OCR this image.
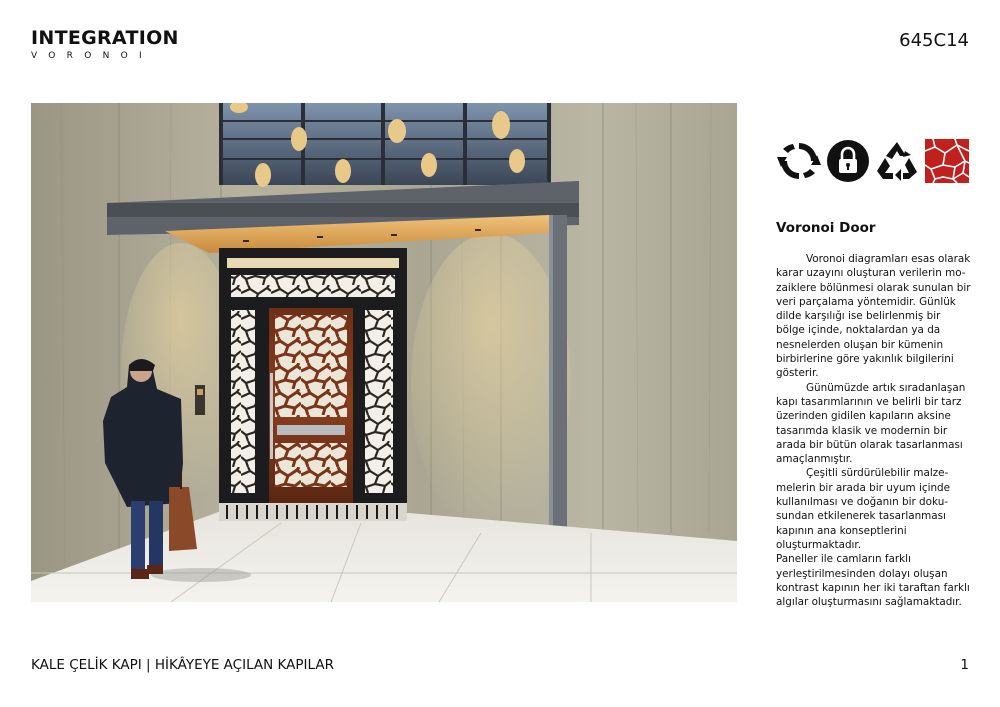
INTEGRATION
VORONOI
645C14
Voronoi Door

Voronoi diagramları esas olarak karar uzayını oluşturan verilerin mo-zaiklere bölünmesi olarak sunulan bir veri parçalama yöntemidir. Günlük dilde karşılığı ise belirlenmiş bir bölge içinde, noktalardan ya da nesnelerden oluşan bir kümenin birbirlerine göre yakınlık bilgilerini gösterir.

Günümüzde artık sıradanlaşan kapı tasarımlarının ve belirli bir tarz üzerinden gidilen kapıların aksine tasarımda klasik ve modernin bir arada bir bütün olarak tasarlanması amaçlanmıştır.

Çeşitli sürdürülebilir malze-melerin bir arada bir uyum içinde kullanılması ve doğanın bir doku-sundan etkilenerek tasarlanması kapının ana konseptlerini oluşturmaktadır.

Paneller ile camların farklı yerleştirilmesinden dolayı oluşan kontrast kapının her iki taraftan farklı algılar oluşturmasını sağlamaktadır.

KALE ÇELİK KAPI | HİKÂYEYE AÇILAN KAPILAR	1
